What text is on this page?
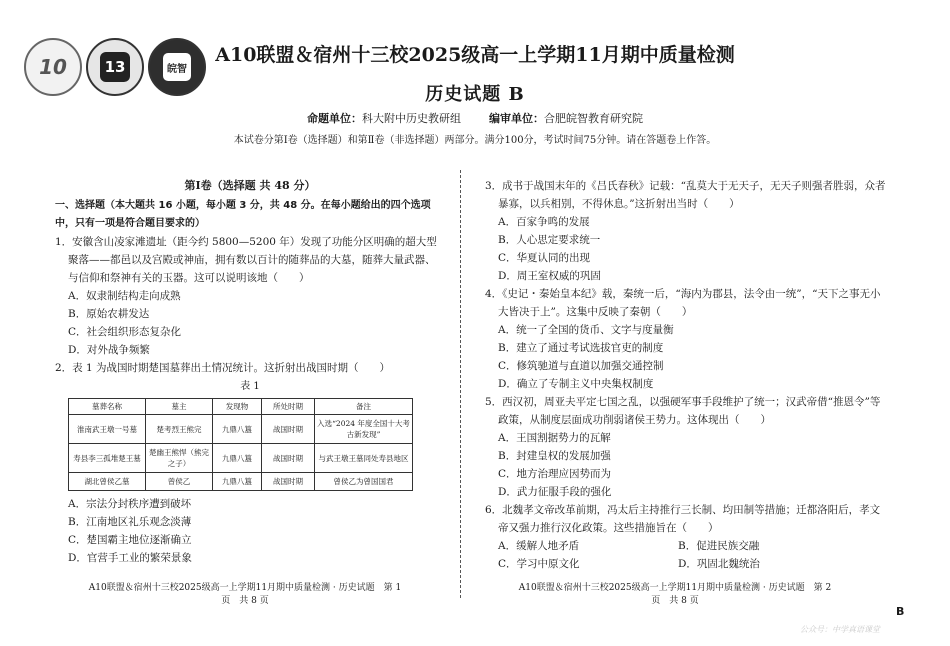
10	13	皖智
A10联盟＆宿州十三校2025级高一上学期11月期中质量检测
历史试题 B
命题单位：科大附中历史教研组	编审单位：合肥皖智教育研究院
本试卷分第Ⅰ卷（选择题）和第Ⅱ卷（非选择题）两部分。满分100分，考试时间75分钟。请在答题卷上作答。

第Ⅰ卷（选择题 共 48 分）

一、选择题（本大题共 16 小题，每小题 3 分，共 48 分。在每小题给出的四个选项中，只有一项是符合题目要求的）

1．安徽含山凌家滩遗址（距今约 5800—5200 年）发现了功能分区明确的超大型聚落——都邑以及宫殿或神庙，拥有数以百计的随葬品的大墓，随葬大量武器、与信仰和祭神有关的玉器。这可以说明该地（　　）

A．奴隶制结构走向成熟

B．原始农耕发达

C．社会组织形态复杂化

D．对外战争频繁

2．表 1 为战国时期楚国墓葬出土情况统计。这折射出战国时期（　　）

表 1

墓葬名称	墓主	发现物	所处时期	备注
淮南武王墩一号墓	楚考烈王熊完	九鼎八簋	战国时期	入选“2024 年度全国十大考古新发现”
寿县李三孤堆楚王墓	楚幽王熊悍（熊完之子）	九鼎八簋	战国时期	与武王墩王墓同处寿县地区
湖北曾侯乙墓	曾侯乙	九鼎八簋	战国时期	曾侯乙为曾国国君

A．宗法分封秩序遭到破坏

B．江南地区礼乐观念淡薄

C．楚国霸主地位逐渐确立

D．官营手工业的繁荣景象

3．成书于战国末年的《吕氏春秋》记载：“乱莫大于无天子，无天子则强者胜弱，众者暴寡，以兵相别，不得休息。”这折射出当时（　　）

A．百家争鸣的发展

B．人心思定要求统一

C．华夏认同的出现

D．周王室权威的巩固

4．《史记・秦始皇本纪》载，秦统一后，“海内为郡县，法令由一统”，“天下之事无小大皆决于上”。这集中反映了秦朝（　　）

A．统一了全国的货币、文字与度量衡

B．建立了通过考试选拔官吏的制度

C．修筑驰道与直道以加强交通控制

D．确立了专制主义中央集权制度

5．西汉初，周亚夫平定七国之乱，以强硬军事手段维护了统一；汉武帝借“推恩令”等政策，从制度层面成功削弱诸侯王势力。这体现出（　　）

A．王国割据势力的瓦解

B．封建皇权的发展加强

C．地方治理应因势而为

D．武力征服手段的强化

6．北魏孝文帝改革前期，冯太后主持推行三长制、均田制等措施；迁都洛阳后，孝文帝又强力推行汉化政策。这些措施旨在（　　）

A．缓解人地矛盾	B．促进民族交融
C．学习中原文化	D．巩固北魏统治
A10联盟＆宿州十三校2025级高一上学期11月期中质量检测 · 历史试题　第 1 页　共 8 页
A10联盟＆宿州十三校2025级高一上学期11月期中质量检测 · 历史试题　第 2 页　共 8 页
B
公众号：中学真语课堂
